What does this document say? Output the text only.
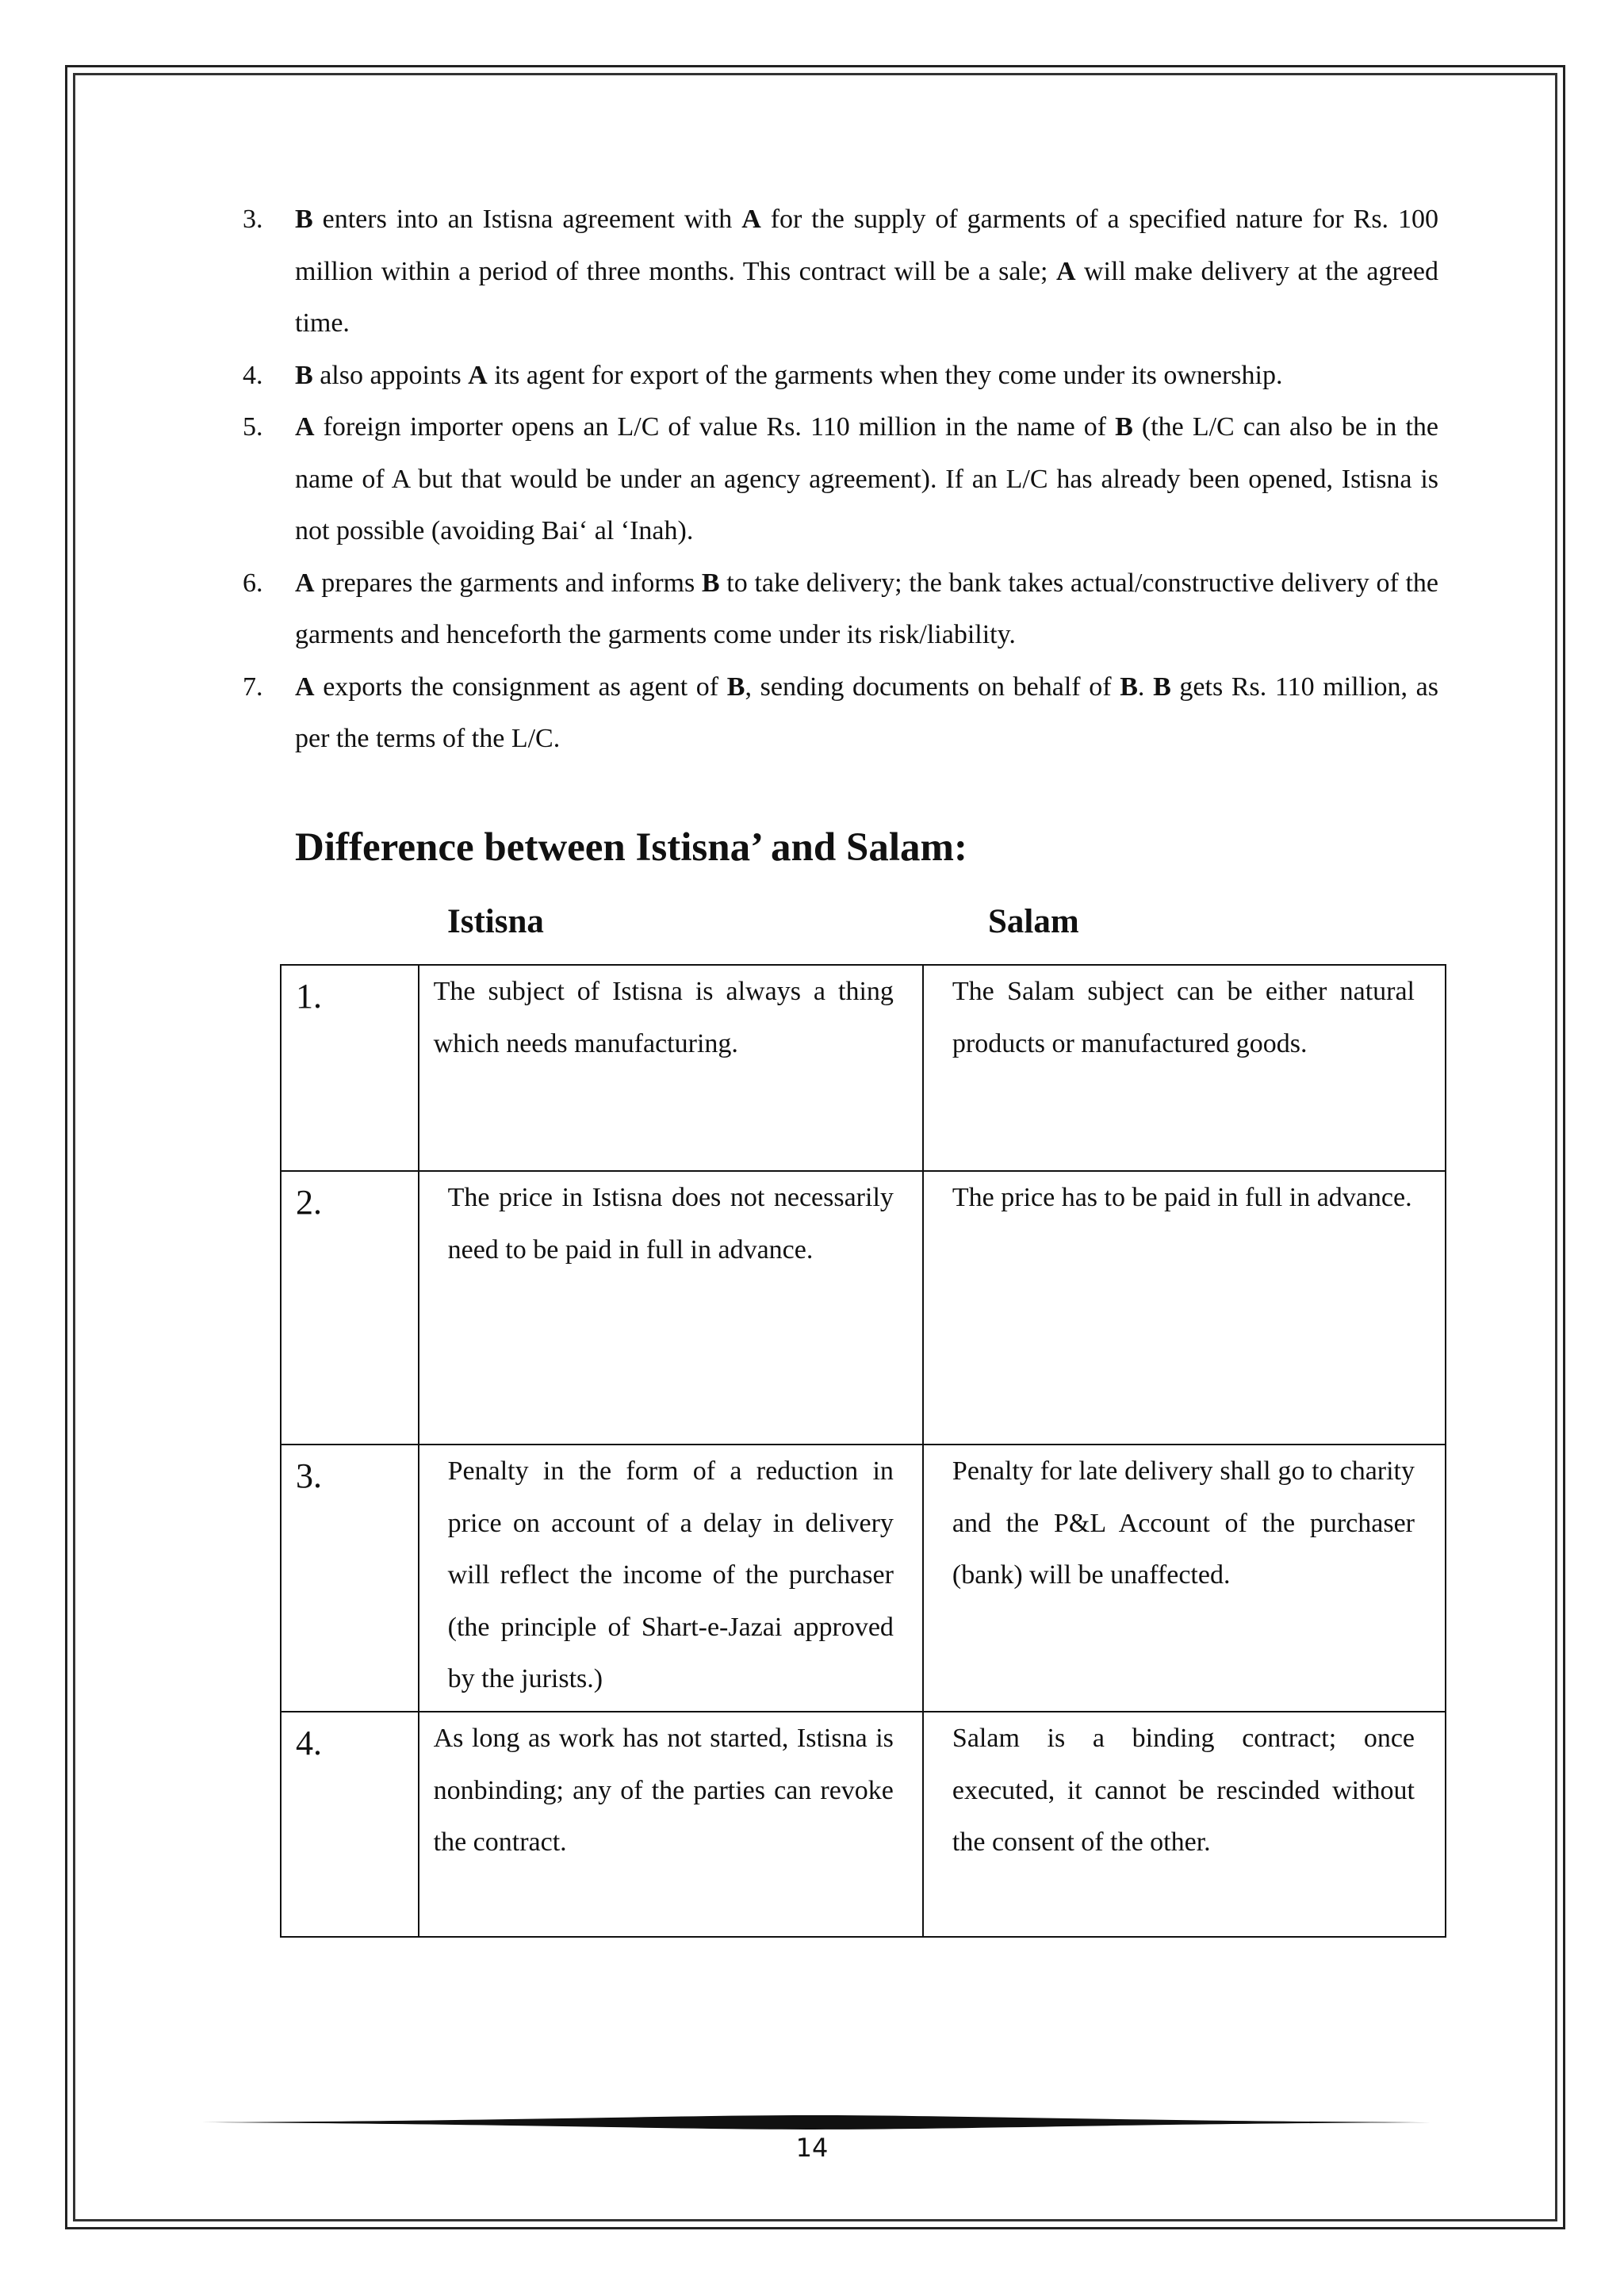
3. B enters into an Istisna agreement with A for the supply of garments of a specified nature for Rs. 100 million within a period of three months. This contract will be a sale; A will make delivery at the agreed time.
4. B also appoints A its agent for export of the garments when they come under its ownership.
5. A foreign importer opens an L/C of value Rs. 110 million in the name of B (the L/C can also be in the name of A but that would be under an agency agreement). If an L/C has already been opened, Istisna is not possible (avoiding Bai‘ al ‘Inah).
6. A prepares the garments and informs B to take delivery; the bank takes actual/constructive delivery of the garments and henceforth the garments come under its risk/liability.
7. A exports the consignment as agent of B, sending documents on behalf of B. B gets Rs. 110 million, as per the terms of the L/C.
Difference between Istisna’ and Salam:
Istisna	Salam
1.	The subject of Istisna is always a thing which needs manufacturing.	The Salam subject can be either natural products or manufactured goods.

2.	The price in Istisna does not necessarily need to be paid in full in advance.	The price has to be paid in full in advance.

3.	Penalty in the form of a reduction in price on account of a delay in delivery will reflect the income of the purchaser (the principle of Shart-e-Jazai approved by the jurists.)	Penalty for late delivery shall go to charity and the P&L Account of the purchaser (bank) will be unaffected.

4.	As long as work has not started, Istisna is nonbinding; any of the parties can revoke the contract.	Salam is a binding contract; once executed, it cannot be rescinded without the consent of the other.
14
